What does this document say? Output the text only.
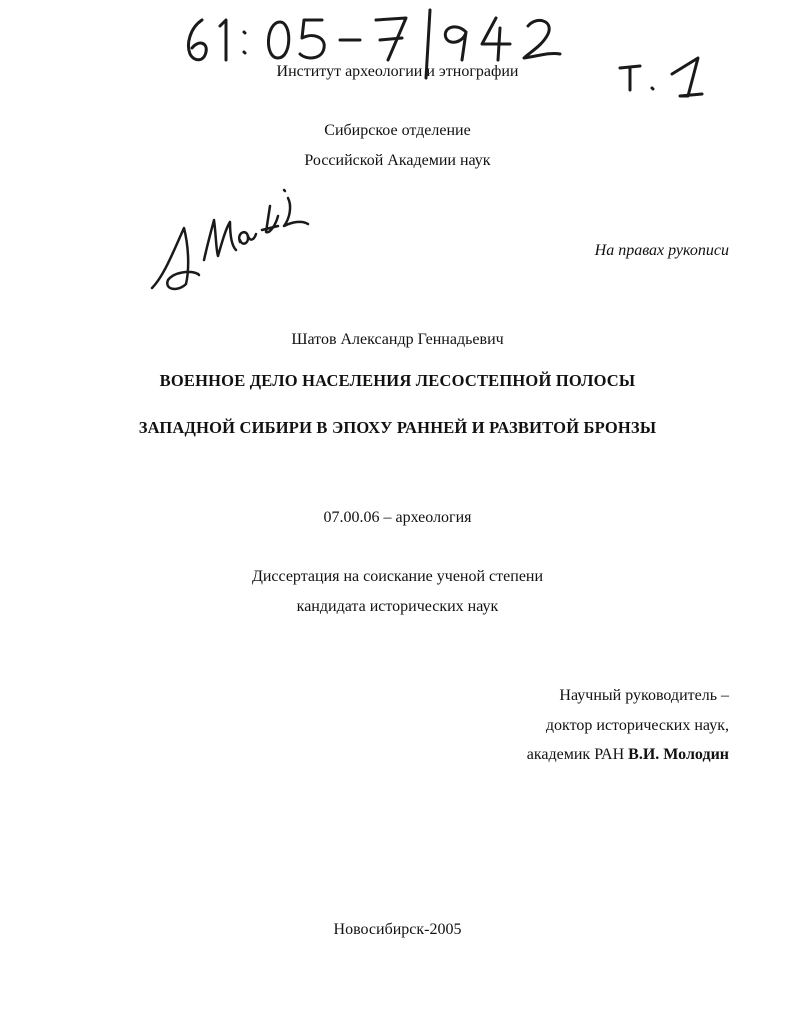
Институт археологии и этнографии
Сибирское отделение
Российской Академии наук
На правах рукописи
Шатов Александр Геннадьевич
ВОЕННОЕ ДЕЛО НАСЕЛЕНИЯ ЛЕСОСТЕПНОЙ ПОЛОСЫ
ЗАПАДНОЙ СИБИРИ В ЭПОХУ РАННЕЙ И РАЗВИТОЙ БРОНЗЫ
07.00.06 – археология
Диссертация на соискание ученой степени
кандидата исторических наук
Научный руководитель –
доктор исторических наук,
академик РАН В.И. Молодин
Новосибирск-2005
